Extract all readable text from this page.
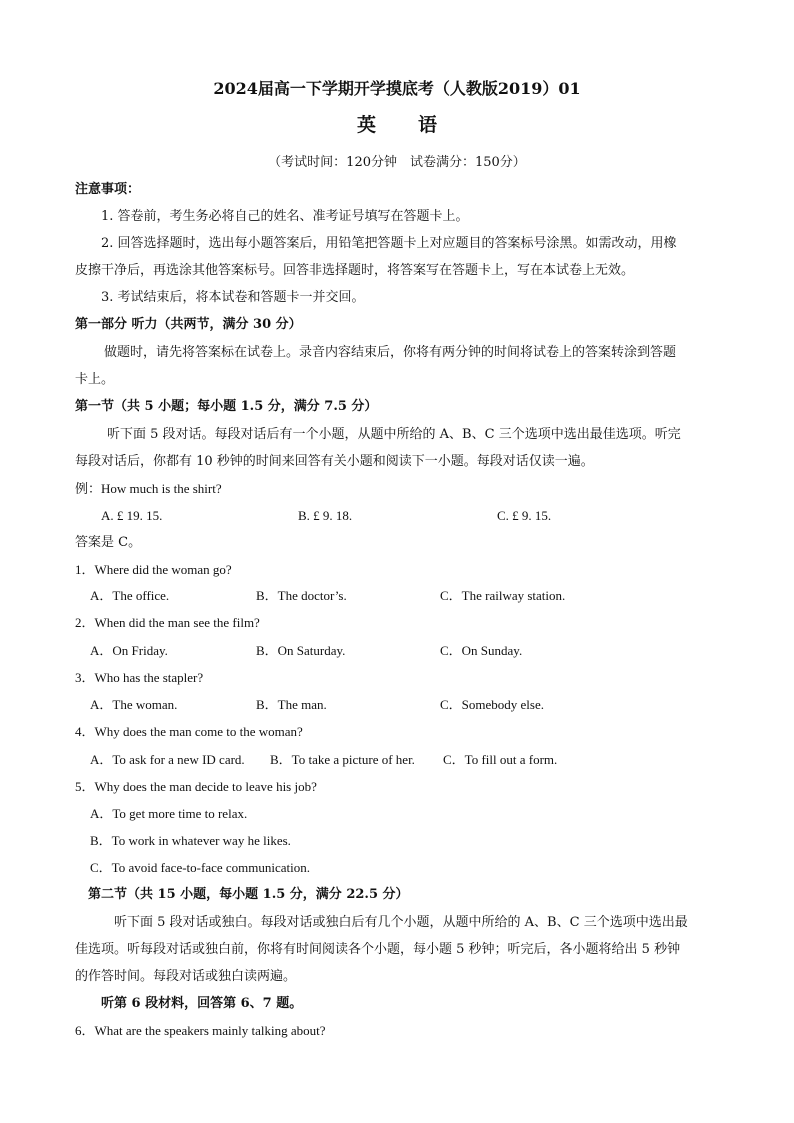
2024届高一下学期开学摸底考（人教版2019）01
英语
（考试时间：120分钟　试卷满分：150分）
注意事项：
1. 答卷前，考生务必将自己的姓名、准考证号填写在答题卡上。
2. 回答选择题时，选出每小题答案后，用铅笔把答题卡上对应题目的答案标号涂黑。如需改动，用橡
皮擦干净后，再选涂其他答案标号。回答非选择题时，将答案写在答题卡上，写在本试卷上无效。
3. 考试结束后，将本试卷和答题卡一并交回。
第一部分 听力（共两节，满分 30 分）
做题时，请先将答案标在试卷上。录音内容结束后，你将有两分钟的时间将试卷上的答案转涂到答题
卡上。
第一节（共 5 小题；每小题 1.5 分，满分 7.5 分）
听下面 5 段对话。每段对话后有一个小题，从题中所给的 A、B、C 三个选项中选出最佳选项。听完
每段对话后，你都有 10 秒钟的时间来回答有关小题和阅读下一小题。每段对话仅读一遍。
例：How much is the shirt?
A. £ 19. 15.	B. £ 9. 18.	C. £ 9. 15.
答案是 C。
1．Where did the woman go?
A．The office.	B．The doctor’s.	C．The railway station.
2．When did the man see the film?
A．On Friday.	B．On Saturday.	C．On Sunday.
3．Who has the stapler?
A．The woman.	B．The man.	C．Somebody else.
4．Why does the man come to the woman?
A．To ask for a new ID card. B．To take a picture of her. C．To fill out a form.
5．Why does the man decide to leave his job?
A．To get more time to relax.
B．To work in whatever way he likes.
C．To avoid face-to-face communication.
第二节（共 15 小题，每小题 1.5 分，满分 22.5 分）
听下面 5 段对话或独白。每段对话或独白后有几个小题，从题中所给的 A、B、C 三个选项中选出最
佳选项。听每段对话或独白前，你将有时间阅读各个小题，每小题 5 秒钟；听完后，各小题将给出 5 秒钟
的作答时间。每段对话或独白读两遍。
听第 6 段材料，回答第 6、7 题。
6．What are the speakers mainly talking about?
